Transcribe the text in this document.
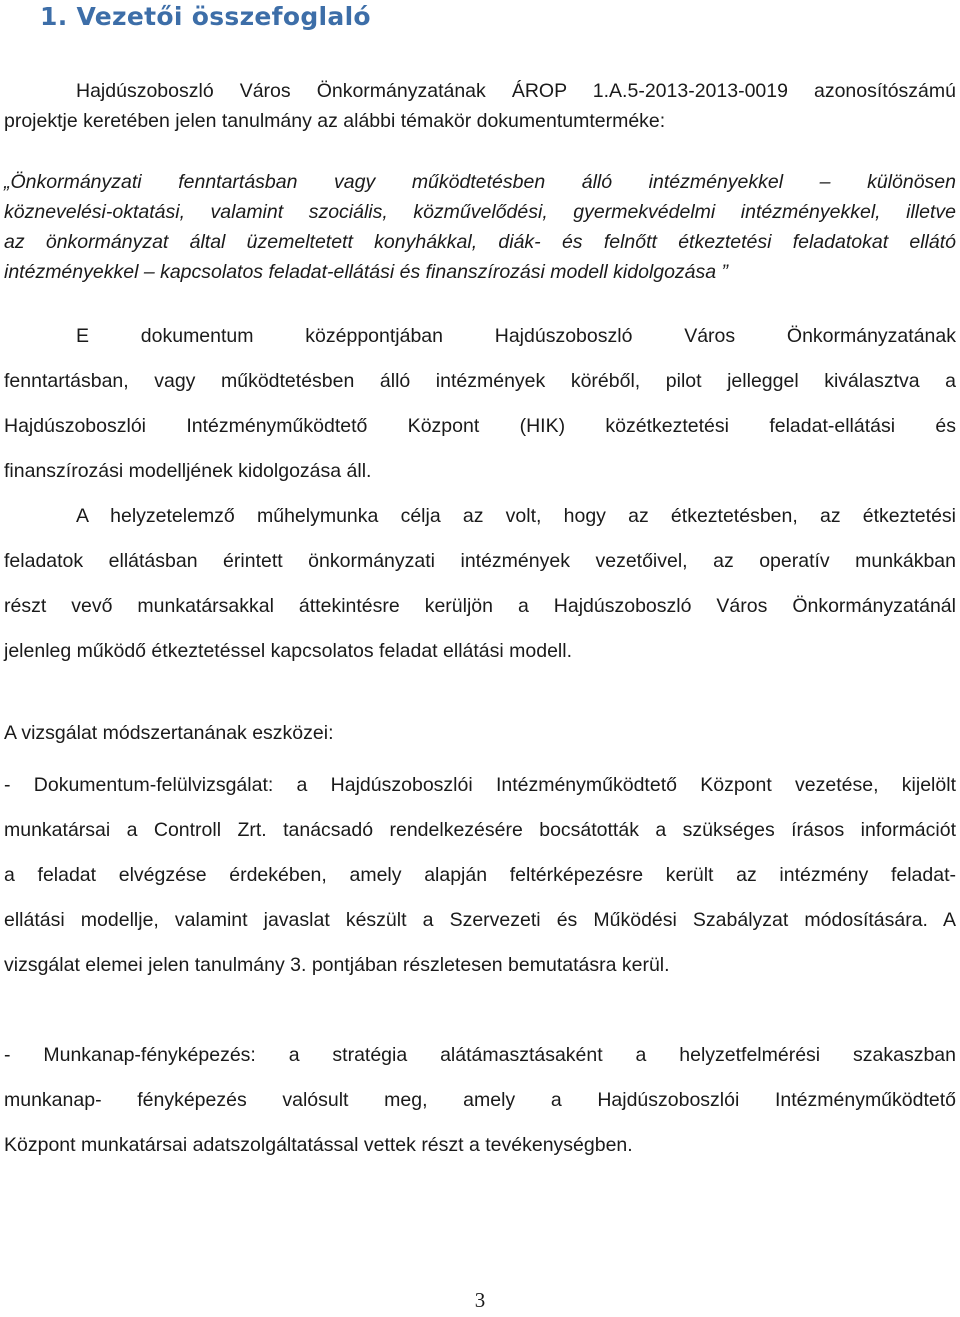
1. Vezetői összefoglaló
Hajdúszoboszló Város Önkormányzatának ÁROP 1.A.5-2013-2013-0019 azonosítószámú
projektje keretében jelen tanulmány az alábbi témakör dokumentumterméke:
„Önkormányzati fenntartásban vagy működtetésben álló intézményekkel – különösen
köznevelési-oktatási, valamint szociális, közművelődési, gyermekvédelmi intézményekkel, illetve
az önkormányzat által üzemeltetett konyhákkal, diák- és felnőtt étkeztetési feladatokat ellátó
intézményekkel – kapcsolatos feladat-ellátási és finanszírozási modell kidolgozása ”
E dokumentum középpontjában Hajdúszoboszló Város Önkormányzatának
fenntartásban, vagy működtetésben álló intézmények köréből, pilot jelleggel kiválasztva a
Hajdúszoboszlói Intézményműködtető Központ (HIK) közétkeztetési feladat-ellátási és
finanszírozási modelljének kidolgozása áll.
A helyzetelemző műhelymunka célja az volt, hogy az étkeztetésben, az étkeztetési
feladatok ellátásban érintett önkormányzati intézmények vezetőivel, az operatív munkákban
részt vevő munkatársakkal áttekintésre kerüljön a Hajdúszoboszló Város Önkormányzatánál
jelenleg működő étkeztetéssel kapcsolatos feladat ellátási modell.
A vizsgálat módszertanának eszközei:
- Dokumentum-felülvizsgálat: a Hajdúszoboszlói Intézményműködtető Központ vezetése, kijelölt
munkatársai a Controll Zrt. tanácsadó rendelkezésére bocsátották a szükséges írásos információt
a feladat elvégzése érdekében, amely alapján feltérképezésre került az intézmény feladat-
ellátási modellje, valamint javaslat készült a Szervezeti és Működési Szabályzat módosítására. A
vizsgálat elemei jelen tanulmány 3. pontjában részletesen bemutatásra kerül.
- Munkanap-fényképezés: a stratégia alátámasztásaként a helyzetfelmérési szakaszban
munkanap- fényképezés valósult meg, amely a Hajdúszoboszlói Intézményműködtető
Központ munkatársai adatszolgáltatással vettek részt a tevékenységben.
3
